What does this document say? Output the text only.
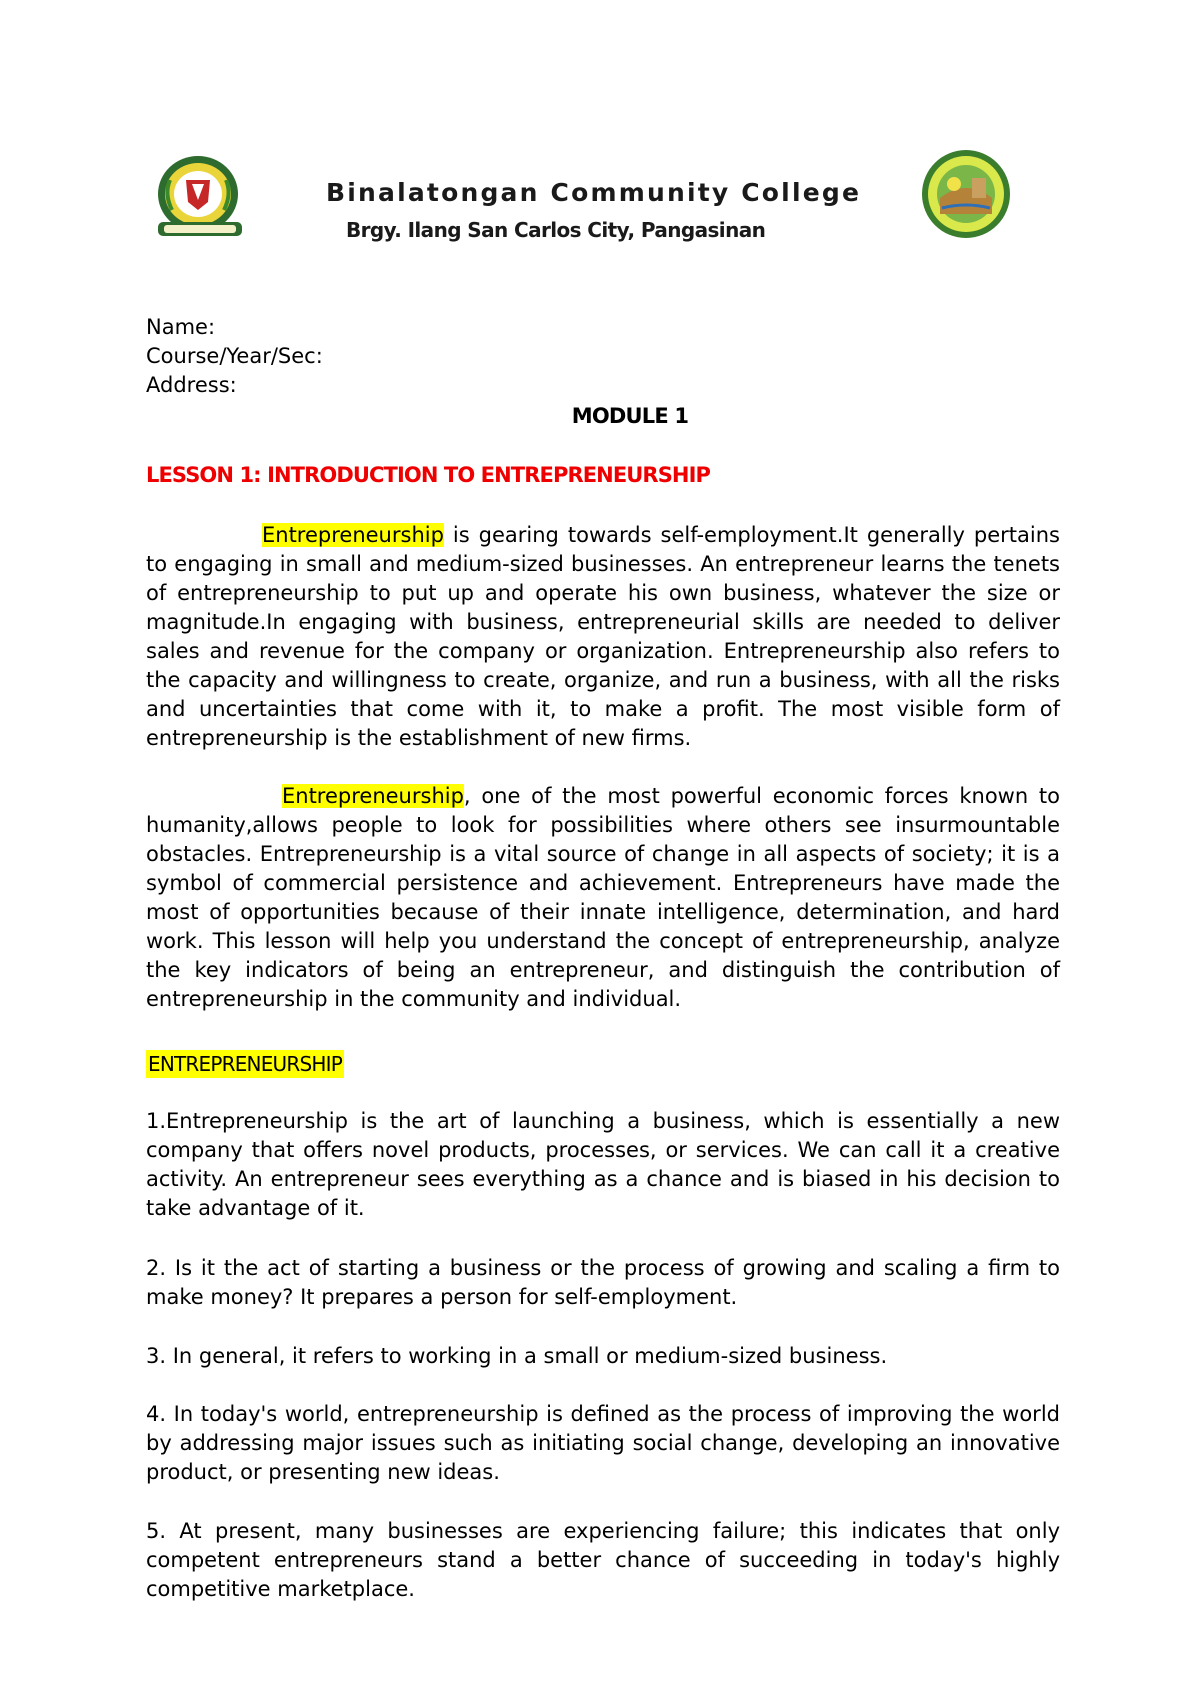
Binalatongan Community College
Brgy. Ilang San Carlos City, Pangasinan
Name:
Course/Year/Sec:
Address:
MODULE 1
LESSON 1: INTRODUCTION TO ENTREPRENEURSHIP
Entrepreneurship is gearing towards self-employment.It generally pertains to engaging in small and medium-sized businesses. An entrepreneur learns the tenets of entrepreneurship to put up and operate his own business, whatever the size or magnitude.In engaging with business, entrepreneurial skills are needed to deliver sales and revenue for the company or organization. Entrepreneurship also refers to the capacity and willingness to create, organize, and run a business, with all the risks and uncertainties that come with it, to make a profit. The most visible form of entrepreneurship is the establishment of new firms.
Entrepreneurship, one of the most powerful economic forces known to humanity,allows people to look for possibilities where others see insurmountable obstacles. Entrepreneurship is a vital source of change in all aspects of society; it is a symbol of commercial persistence and achievement. Entrepreneurs have made the most of opportunities because of their innate intelligence, determination, and hard work. This lesson will help you understand the concept of entrepreneurship, analyze the key indicators of being an entrepreneur, and distinguish the contribution of entrepreneurship in the community and individual.
ENTREPRENEURSHIP
1.Entrepreneurship is the art of launching a business, which is essentially a new company that offers novel products, processes, or services. We can call it a creative activity. An entrepreneur sees everything as a chance and is biased in his decision to take advantage of it.
2. Is it the act of starting a business or the process of growing and scaling a firm to make money? It prepares a person for self-employment.
3. In general, it refers to working in a small or medium-sized business.
4. In today's world, entrepreneurship is defined as the process of improving the world by addressing major issues such as initiating social change, developing an innovative product, or presenting new ideas.
5. At present, many businesses are experiencing failure; this indicates that only competent entrepreneurs stand a better chance of succeeding in today's highly competitive marketplace.
